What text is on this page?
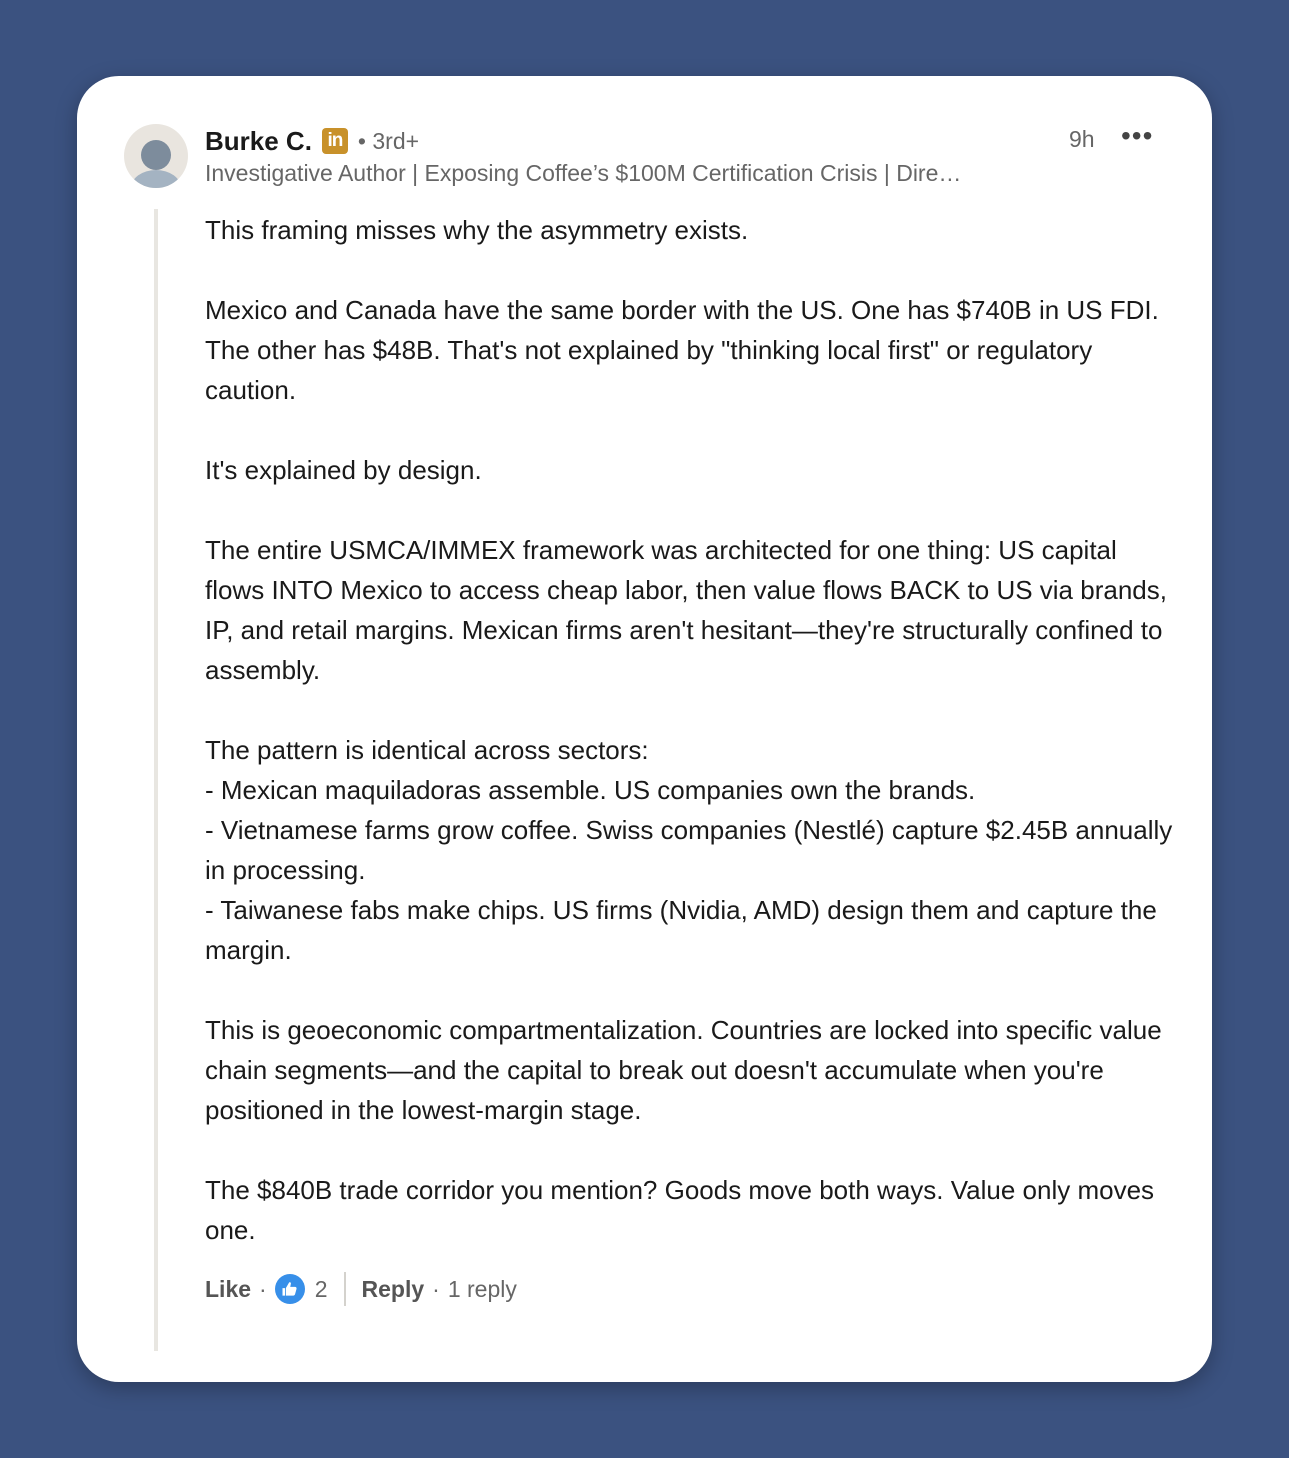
Burke C. in • 3rd+
Investigative Author | Exposing Coffee’s $100M Certification Crisis | Dire…
9h •••

This framing misses why the asymmetry exists.

Mexico and Canada have the same border with the US. One has $740B in US FDI. The other has $48B. That's not explained by "thinking local first" or regulatory caution.

It's explained by design.

The entire USMCA/IMMEX framework was architected for one thing: US capital flows INTO Mexico to access cheap labor, then value flows BACK to US via brands, IP, and retail margins. Mexican firms aren't hesitant—they're structurally confined to assembly.

The pattern is identical across sectors:
- Mexican maquiladoras assemble. US companies own the brands.
- Vietnamese farms grow coffee. Swiss companies (Nestlé) capture $2.45B annually in processing.
- Taiwanese fabs make chips. US firms (Nvidia, AMD) design them and capture the margin.

This is geoeconomic compartmentalization. Countries are locked into specific value chain segments—and the capital to break out doesn't accumulate when you're positioned in the lowest-margin stage.

The $840B trade corridor you mention? Goods move both ways. Value only moves one.

Like · 2 Reply · 1 reply
